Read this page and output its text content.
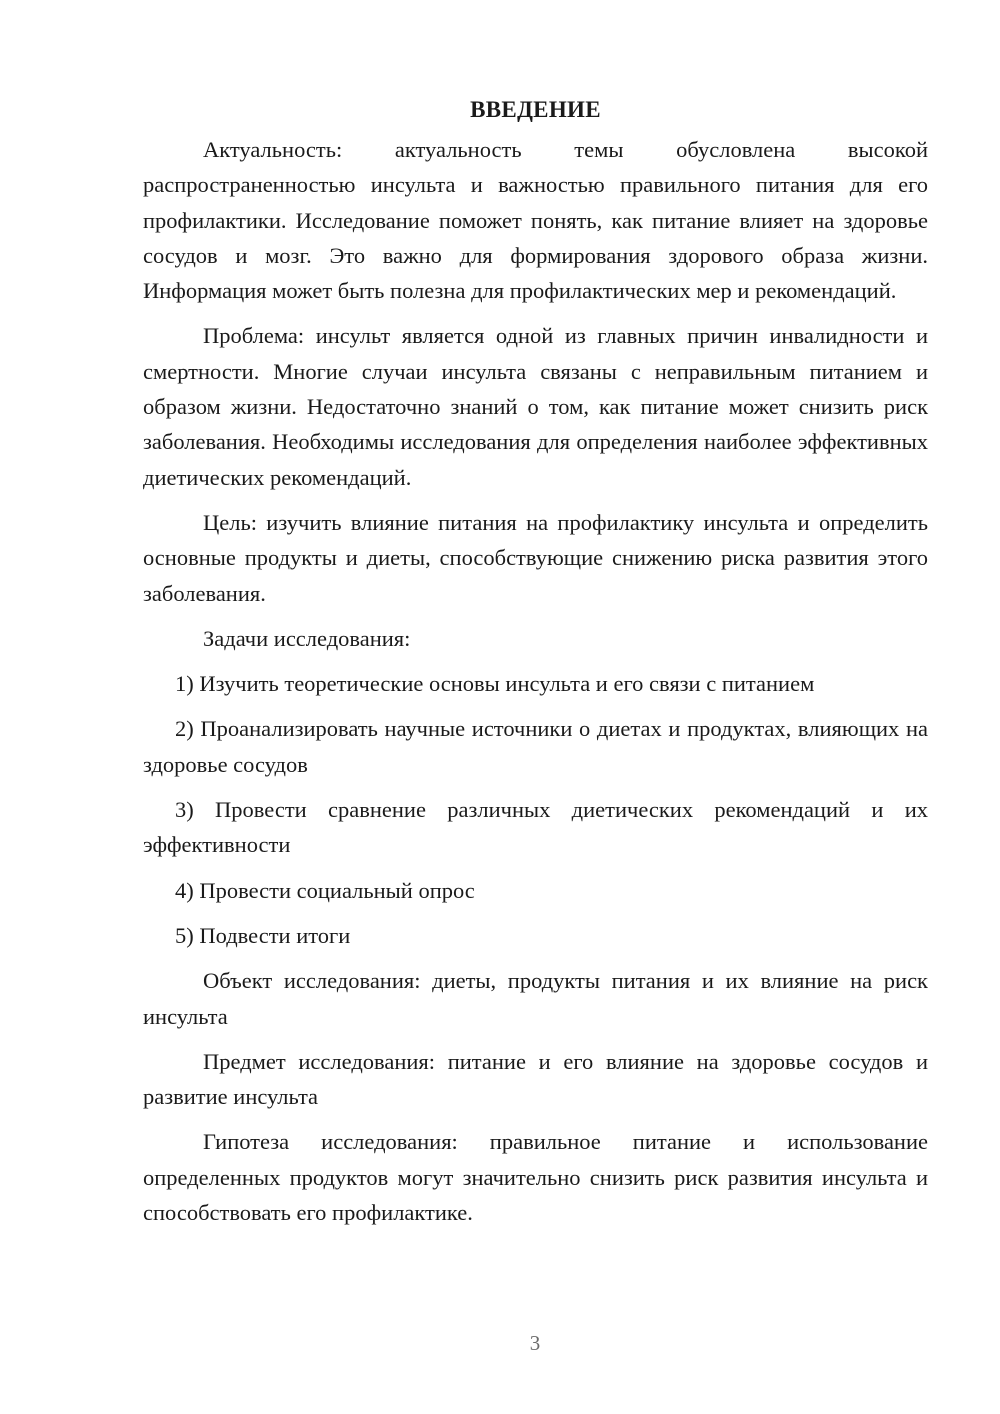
ВВЕДЕНИЕ

Актуальность: актуальность темы обусловлена высокой распространенностью инсульта и важностью правильного питания для его профилактики. Исследование поможет понять, как питание влияет на здоровье сосудов и мозг. Это важно для формирования здорового образа жизни. Информация может быть полезна для профилактических мер и рекомендаций.

Проблема: инсульт является одной из главных причин инвалидности и смертности. Многие случаи инсульта связаны с неправильным питанием и образом жизни. Недостаточно знаний о том, как питание может снизить риск заболевания. Необходимы исследования для определения наиболее эффективных диетических рекомендаций.

Цель: изучить влияние питания на профилактику инсульта и определить основные продукты и диеты, способствующие снижению риска развития этого заболевания.

Задачи исследования:

1) Изучить теоретические основы инсульта и его связи с питанием

2) Проанализировать научные источники о диетах и продуктах, влияющих на здоровье сосудов

3) Провести сравнение различных диетических рекомендаций и их эффективности

4) Провести социальный опрос

5) Подвести итоги

Объект исследования: диеты, продукты питания и их влияние на риск инсульта

Предмет исследования: питание и его влияние на здоровье сосудов и развитие инсульта

Гипотеза исследования: правильное питание и использование определенных продуктов могут значительно снизить риск развития инсульта и способствовать его профилактике.

3
